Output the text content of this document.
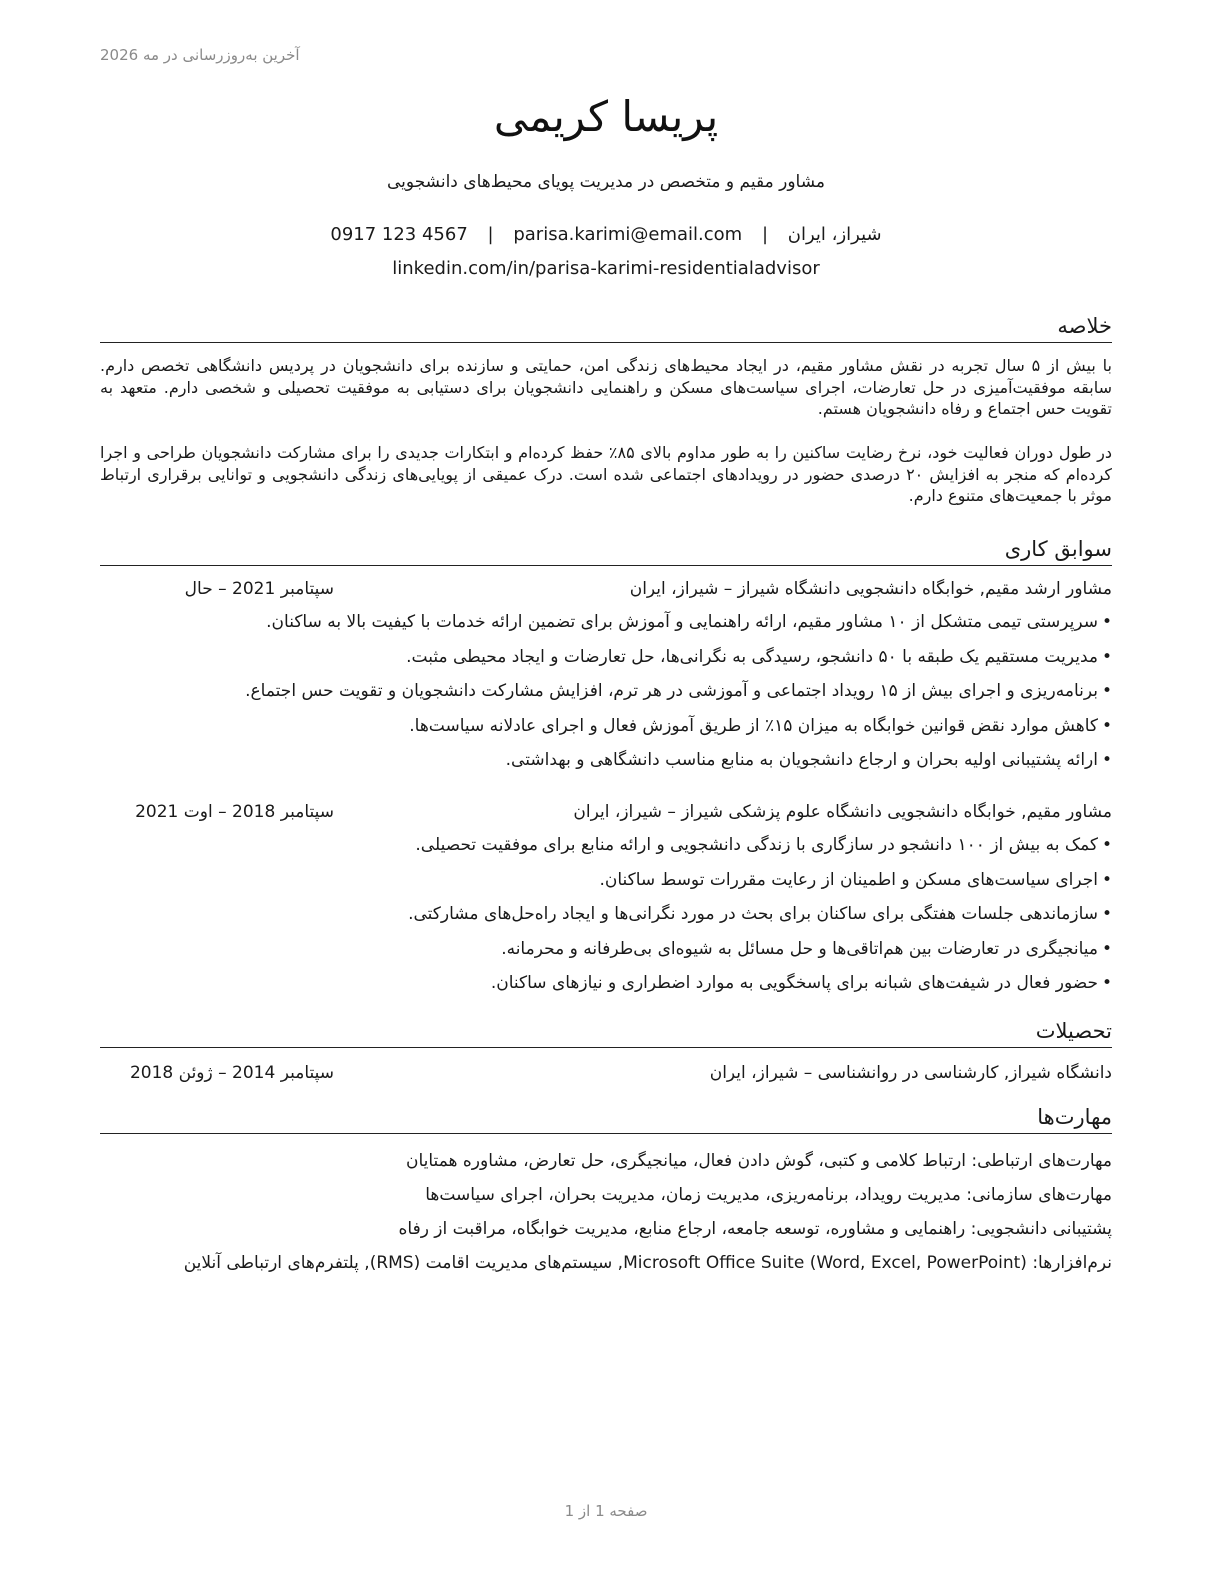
آخرین به‌روزرسانی در مه 2026
پریسا کریمی
مشاور مقیم و متخصص در مدیریت پویای محیط‌های دانشجویی
شیراز، ایران | parisa.karimi@email.com | 0917 123 4567
linkedin.com/in/parisa-karimi-residentialadvisor
خلاصه

با بیش از ۵ سال تجربه در نقش مشاور مقیم، در ایجاد محیط‌های زندگی امن، حمایتی و سازنده برای دانشجویان در پردیس دانشگاهی تخصص دارم. سابقه موفقیت‌آمیزی در حل تعارضات، اجرای سیاست‌های مسکن و راهنمایی دانشجویان برای دستیابی به موفقیت تحصیلی و شخصی دارم. متعهد به تقویت حس اجتماع و رفاه دانشجویان هستم.

در طول دوران فعالیت خود، نرخ رضایت ساکنین را به طور مداوم بالای ۸۵٪ حفظ کرده‌ام و ابتکارات جدیدی را برای مشارکت دانشجویان طراحی و اجرا کرده‌ام که منجر به افزایش ۲۰ درصدی حضور در رویدادهای اجتماعی شده است. درک عمیقی از پویایی‌های زندگی دانشجویی و توانایی برقراری ارتباط موثر با جمعیت‌های متنوع دارم.

سوابق کاری
مشاور ارشد مقیم, خوابگاه دانشجویی دانشگاه شیراز – شیراز، ایران
سپتامبر 2021 – حال
•سرپرستی تیمی متشکل از ۱۰ مشاور مقیم، ارائه راهنمایی و آموزش برای تضمین ارائه خدمات با کیفیت بالا به ساکنان.
•مدیریت مستقیم یک طبقه با ۵۰ دانشجو، رسیدگی به نگرانی‌ها، حل تعارضات و ایجاد محیطی مثبت.
•برنامه‌ریزی و اجرای بیش از ۱۵ رویداد اجتماعی و آموزشی در هر ترم، افزایش مشارکت دانشجویان و تقویت حس اجتماع.
•کاهش موارد نقض قوانین خوابگاه به میزان ۱۵٪ از طریق آموزش فعال و اجرای عادلانه سیاست‌ها.
•ارائه پشتیبانی اولیه بحران و ارجاع دانشجویان به منابع مناسب دانشگاهی و بهداشتی.
مشاور مقیم, خوابگاه دانشجویی دانشگاه علوم پزشکی شیراز – شیراز، ایران
سپتامبر 2018 – اوت 2021
•کمک به بیش از ۱۰۰ دانشجو در سازگاری با زندگی دانشجویی و ارائه منابع برای موفقیت تحصیلی.
•اجرای سیاست‌های مسکن و اطمینان از رعایت مقررات توسط ساکنان.
•سازماندهی جلسات هفتگی برای ساکنان برای بحث در مورد نگرانی‌ها و ایجاد راه‌حل‌های مشارکتی.
•میانجیگری در تعارضات بین هم‌اتاقی‌ها و حل مسائل به شیوه‌ای بی‌طرفانه و محرمانه.
•حضور فعال در شیفت‌های شبانه برای پاسخگویی به موارد اضطراری و نیازهای ساکنان.
تحصیلات
دانشگاه شیراز, کارشناسی در روانشناسی – شیراز، ایران
سپتامبر 2014 – ژوئن 2018
مهارت‌ها
مهارت‌های ارتباطی: ارتباط کلامی و کتبی، گوش دادن فعال، میانجیگری، حل تعارض، مشاوره همتایان
مهارت‌های سازمانی: مدیریت رویداد، برنامه‌ریزی، مدیریت زمان، مدیریت بحران، اجرای سیاست‌ها
پشتیبانی دانشجویی: راهنمایی و مشاوره، توسعه جامعه، ارجاع منابع، مدیریت خوابگاه، مراقبت از رفاه
نرم‌افزارها: Microsoft Office Suite (Word, Excel, PowerPoint), سیستم‌های مدیریت اقامت (RMS), پلتفرم‌های ارتباطی آنلاین
صفحه 1 از 1
